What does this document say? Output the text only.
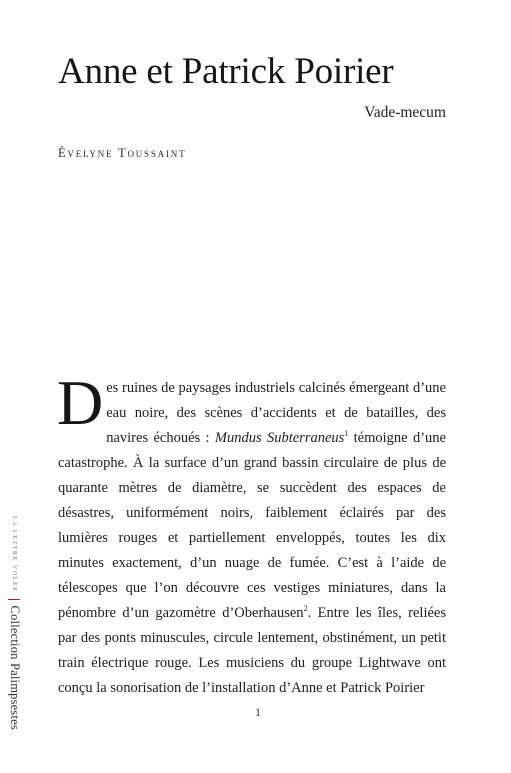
Anne et Patrick Poirier
Vade-mecum
Évelyne Toussaint

Des ruines de paysages industriels calcinés émergeant d’une eau noire, des scènes d’accidents et de batailles, des navires échoués : Mundus Subterraneus$^1$ témoigne d’une catastrophe. À la surface d’un grand bassin circulaire de plus de quarante mètres de diamètre, se succèdent des espaces de désastres, uniformément noirs, faiblement éclairés par des lumières rouges et partiellement enveloppés, toutes les dix minutes exactement, d’un nuage de fumée. C’est à l’aide de télescopes que l’on découvre ces vestiges miniatures, dans la pénombre d’un gazomètre d’Oberhausen$^2$. Entre les îles, reliées par des ponts minuscules, circule lentement, obstinément, un petit train électrique rouge. Les musiciens du groupe Lightwave ont conçu la sonorisation de l’installation d’Anne et Patrick Poirier

LA LETTRE VOLÉE
Collection Palimpsestes	1
